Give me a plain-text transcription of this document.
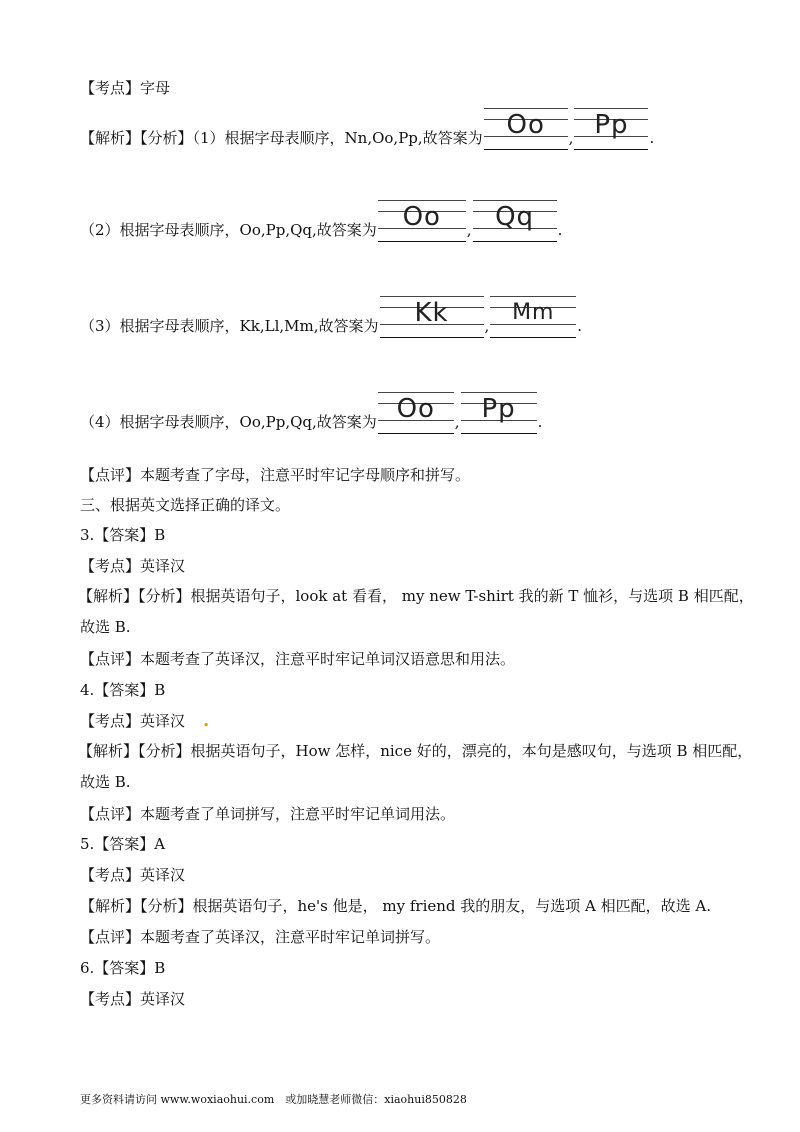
【考点】字母
【解析】【分析】（1）根据字母表顺序，Nn,Oo,Pp,故答案为 Oo	, Pp	.
（2）根据字母表顺序，Oo,Pp,Qq,故答案为 Oo	, Qq	.
（3）根据字母表顺序，Kk,Ll,Mm,故答案为	Kk	,
Mm
.
（4）根据字母表顺序，Oo,Pp,Qq,故答案为 Oo	, Pp	.
【点评】本题考查了字母，注意平时牢记字母顺序和拼写。
三、根据英文选择正确的译文。
3.【答案】B
【考点】英译汉
【解析】【分析】根据英语句子，look at 看看， my new T-shirt 我的新 T 恤衫，与选项 B 相匹配，
故选 B.
【点评】本题考查了英译汉，注意平时牢记单词汉语意思和用法。
4.【答案】B
【考点】英译汉 .
【解析】【分析】根据英语句子，How 怎样，nice 好的，漂亮的，本句是感叹句，与选项 B 相匹配，
故选 B.
【点评】本题考查了单词拼写，注意平时牢记单词用法。
5.【答案】A
【考点】英译汉
【解析】【分析】根据英语句子，he's 他是， my friend 我的朋友，与选项 A 相匹配，故选 A.
【点评】本题考查了英译汉，注意平时牢记单词拼写。
6.【答案】B
【考点】英译汉
更多资料请访问 www.woxiaohui.com　或加晓慧老师微信：xiaohui850828
